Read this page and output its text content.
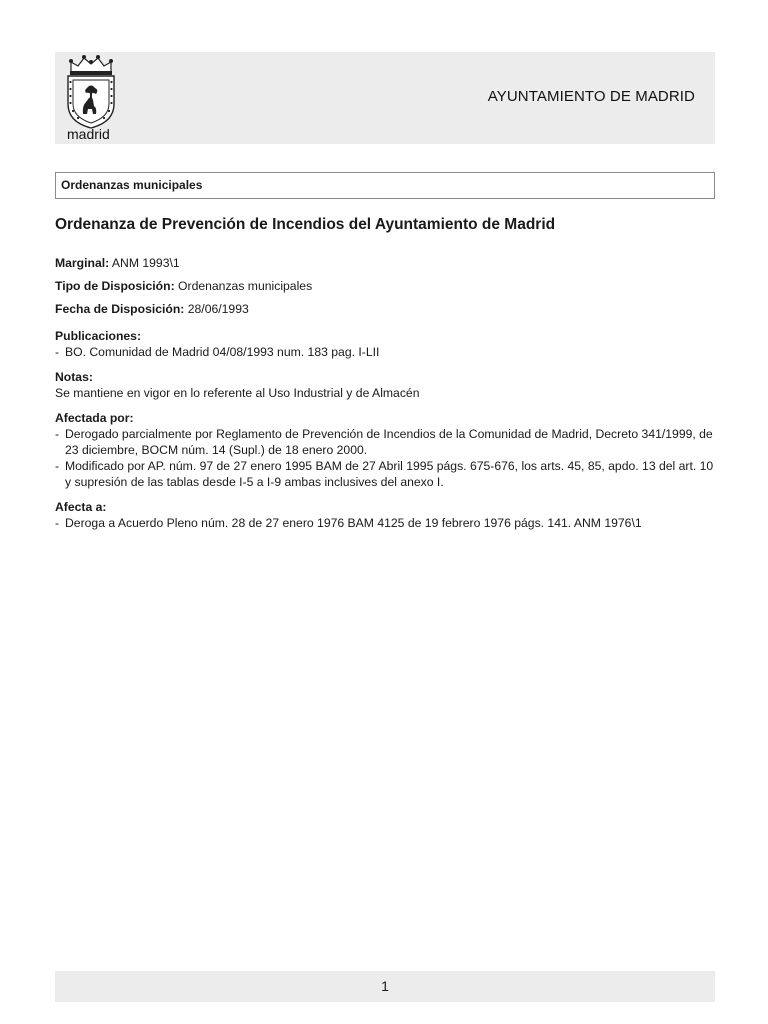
madrid
AYUNTAMIENTO DE MADRID
Ordenanzas municipales
Ordenanza de Prevención de Incendios del Ayuntamiento de Madrid
Marginal: ANM 1993\1
Tipo de Disposición: Ordenanzas municipales
Fecha de Disposición: 28/06/1993
Publicaciones:
- BO. Comunidad de Madrid 04/08/1993 num. 183 pag. I-LII
Notas:
Se mantiene en vigor en lo referente al Uso Industrial y de Almacén
Afectada por:
- Derogado parcialmente por Reglamento de Prevención de Incendios de la Comunidad de Madrid, Decreto 341/1999, de 23 diciembre, BOCM núm. 14 (Supl.) de 18 enero 2000.
- Modificado por AP. núm. 97 de 27 enero 1995 BAM de 27 Abril 1995 págs. 675-676, los arts. 45, 85, apdo. 13 del art. 10 y supresión de las tablas desde I-5 a I-9 ambas inclusives del anexo I.
Afecta a:
- Deroga a Acuerdo Pleno núm. 28 de 27 enero 1976 BAM 4125 de 19 febrero 1976 págs. 141. ANM 1976\1
1
